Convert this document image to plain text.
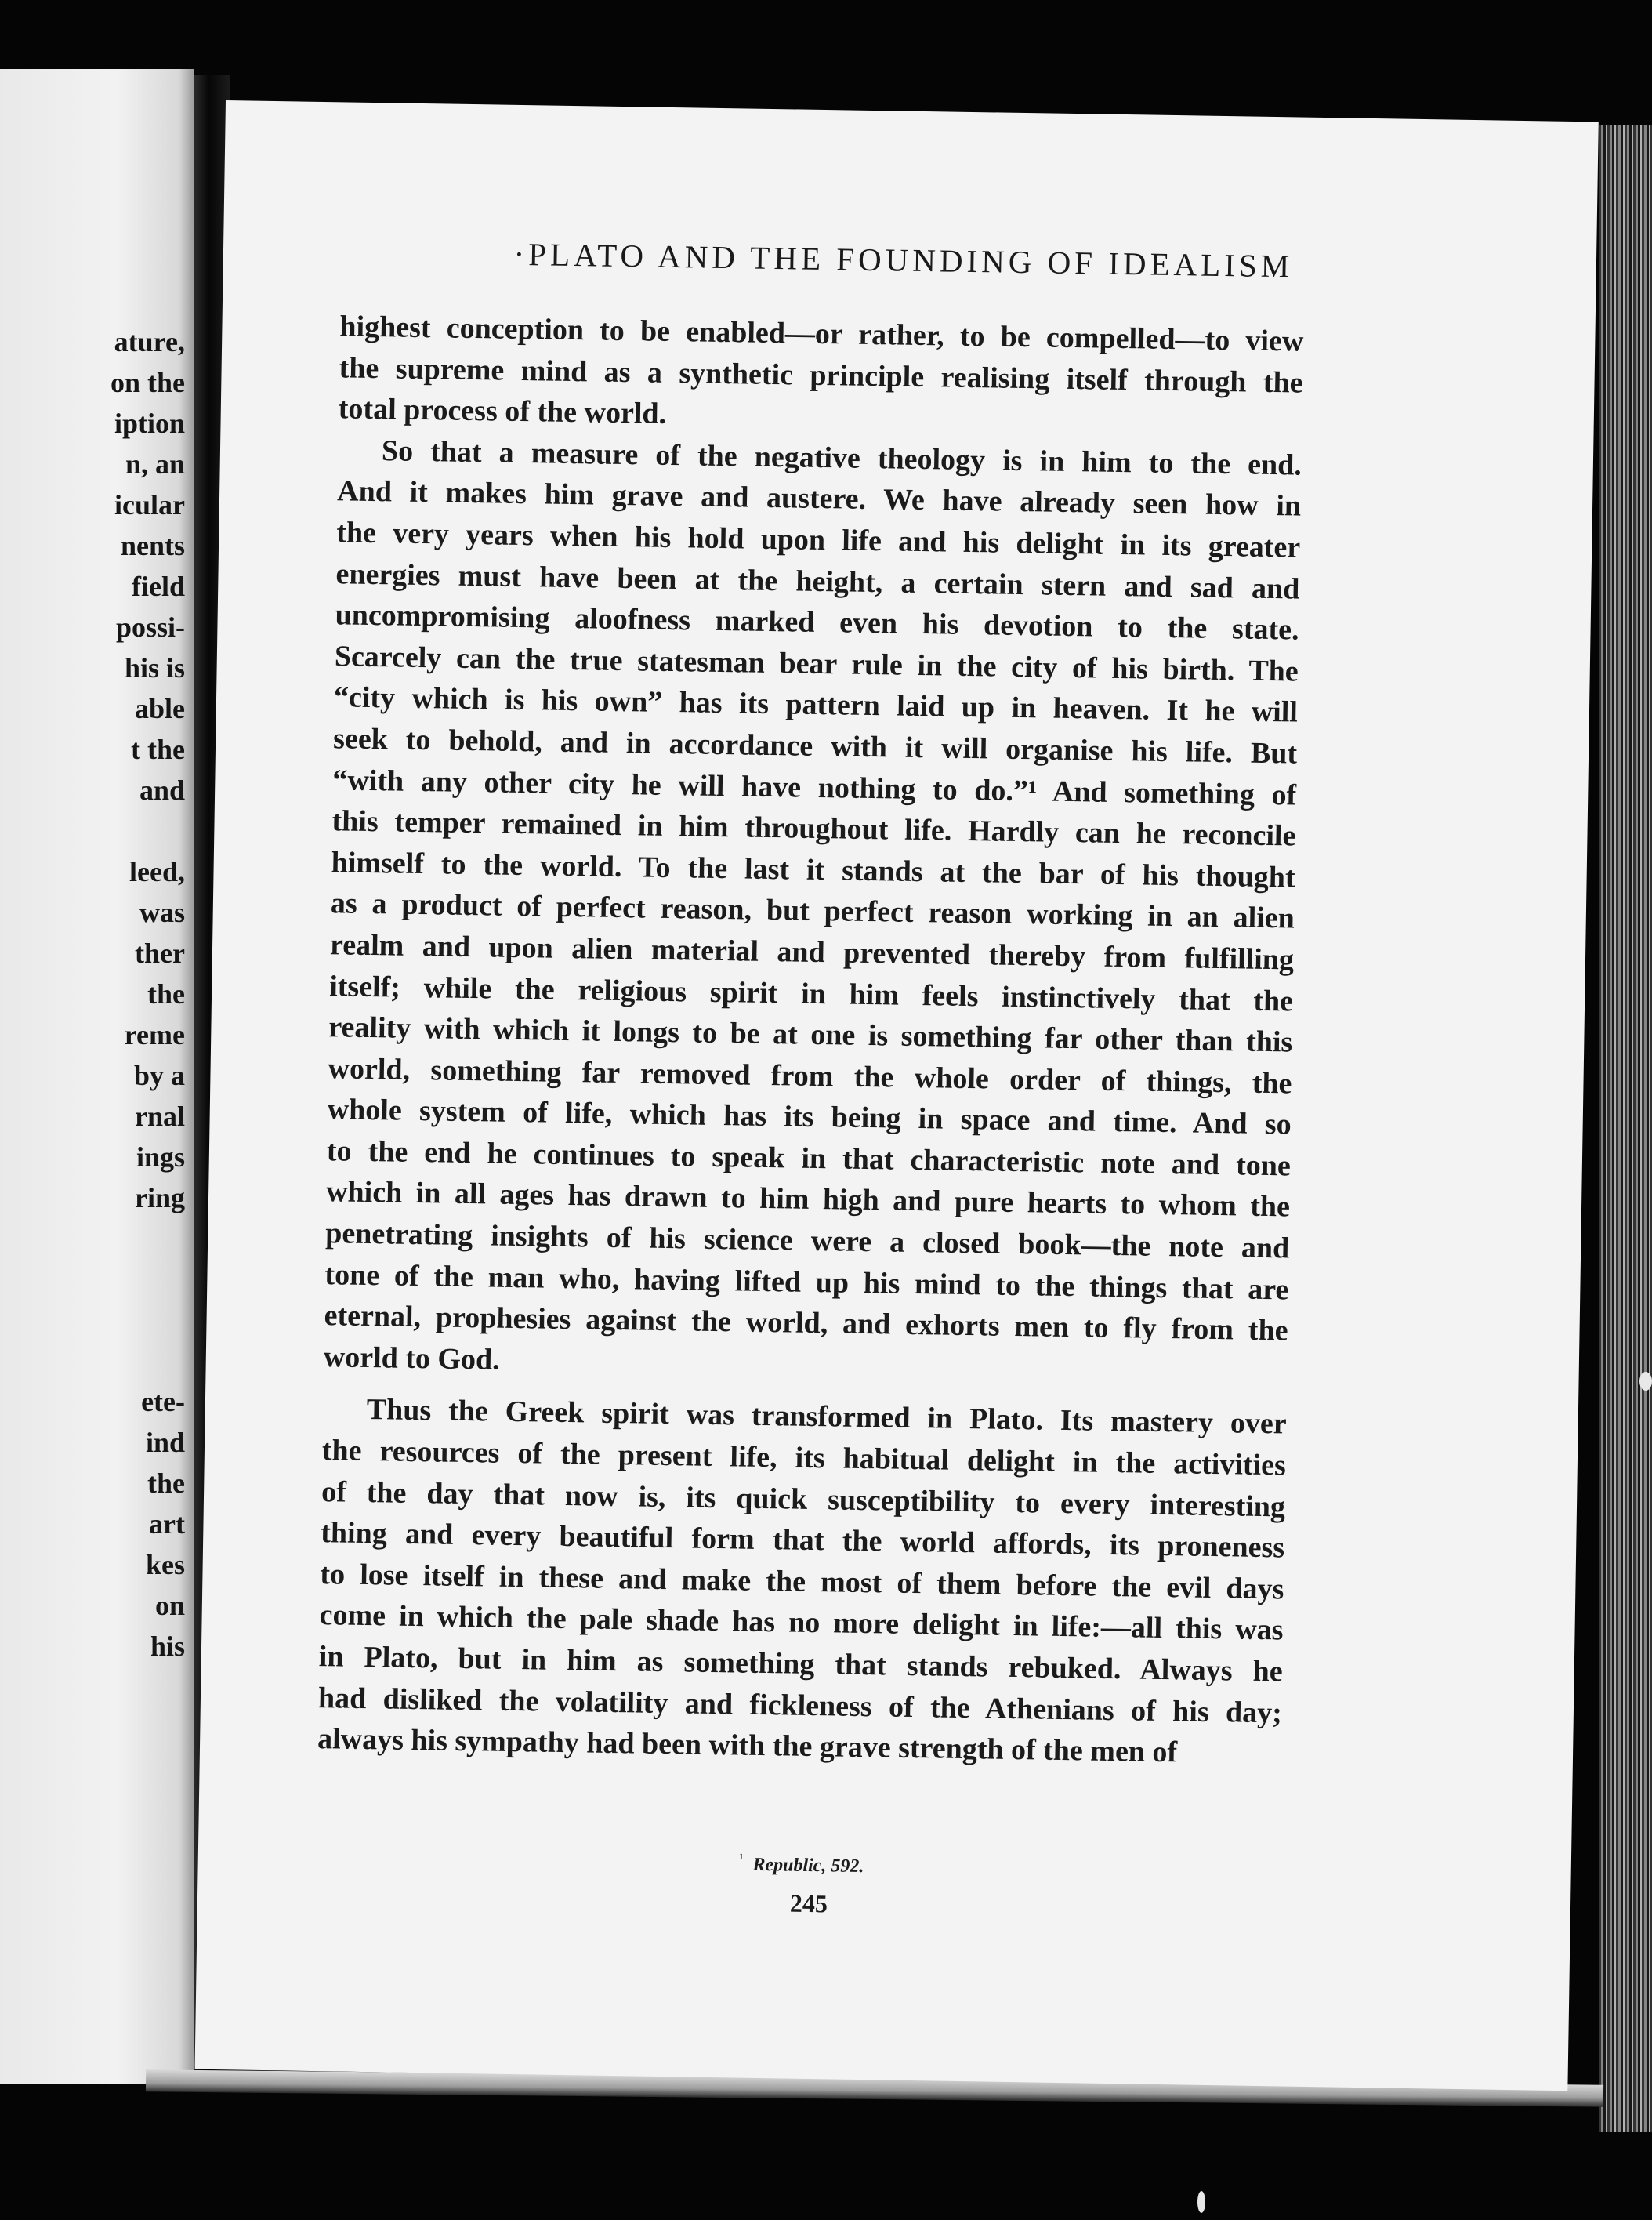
ature,
on the
iption
n, an
icular
nents
field
possi-
his is
able
t the
and

leed,
was
ther
the
reme
by a
rnal
ings
ring

ete-
ind
the
art
kes
on
his
·PLATO AND THE FOUNDING OF IDEALISM
highest conception to be enabled—or rather, to be compelled—to view
the supreme mind as a synthetic principle realising itself through the
total process of the world.
So that a measure of the negative theology is in him to the end.
And it makes him grave and austere. We have already seen how in
the very years when his hold upon life and his delight in its greater
energies must have been at the height, a certain stern and sad and
uncompromising aloofness marked even his devotion to the state.
Scarcely can the true statesman bear rule in the city of his birth. The
“city which is his own” has its pattern laid up in heaven. It he will
seek to behold, and in accordance with it will organise his life. But
“with any other city he will have nothing to do.”¹ And something of
this temper remained in him throughout life. Hardly can he reconcile
himself to the world. To the last it stands at the bar of his thought
as a product of perfect reason, but perfect reason working in an alien
realm and upon alien material and prevented thereby from fulfilling
itself; while the religious spirit in him feels instinctively that the
reality with which it longs to be at one is something far other than this
world, something far removed from the whole order of things, the
whole system of life, which has its being in space and time. And so
to the end he continues to speak in that characteristic note and tone
which in all ages has drawn to him high and pure hearts to whom the
penetrating insights of his science were a closed book—the note and
tone of the man who, having lifted up his mind to the things that are
eternal, prophesies against the world, and exhorts men to fly from the
world to God.
Thus the Greek spirit was transformed in Plato. Its mastery over
the resources of the present life, its habitual delight in the activities
of the day that now is, its quick susceptibility to every interesting
thing and every beautiful form that the world affords, its proneness
to lose itself in these and make the most of them before the evil days
come in which the pale shade has no more delight in life:—all this was
in Plato, but in him as something that stands rebuked. Always he
had disliked the volatility and fickleness of the Athenians of his day;
always his sympathy had been with the grave strength of the men of
$^{^1}$ Republic, 592.
245
